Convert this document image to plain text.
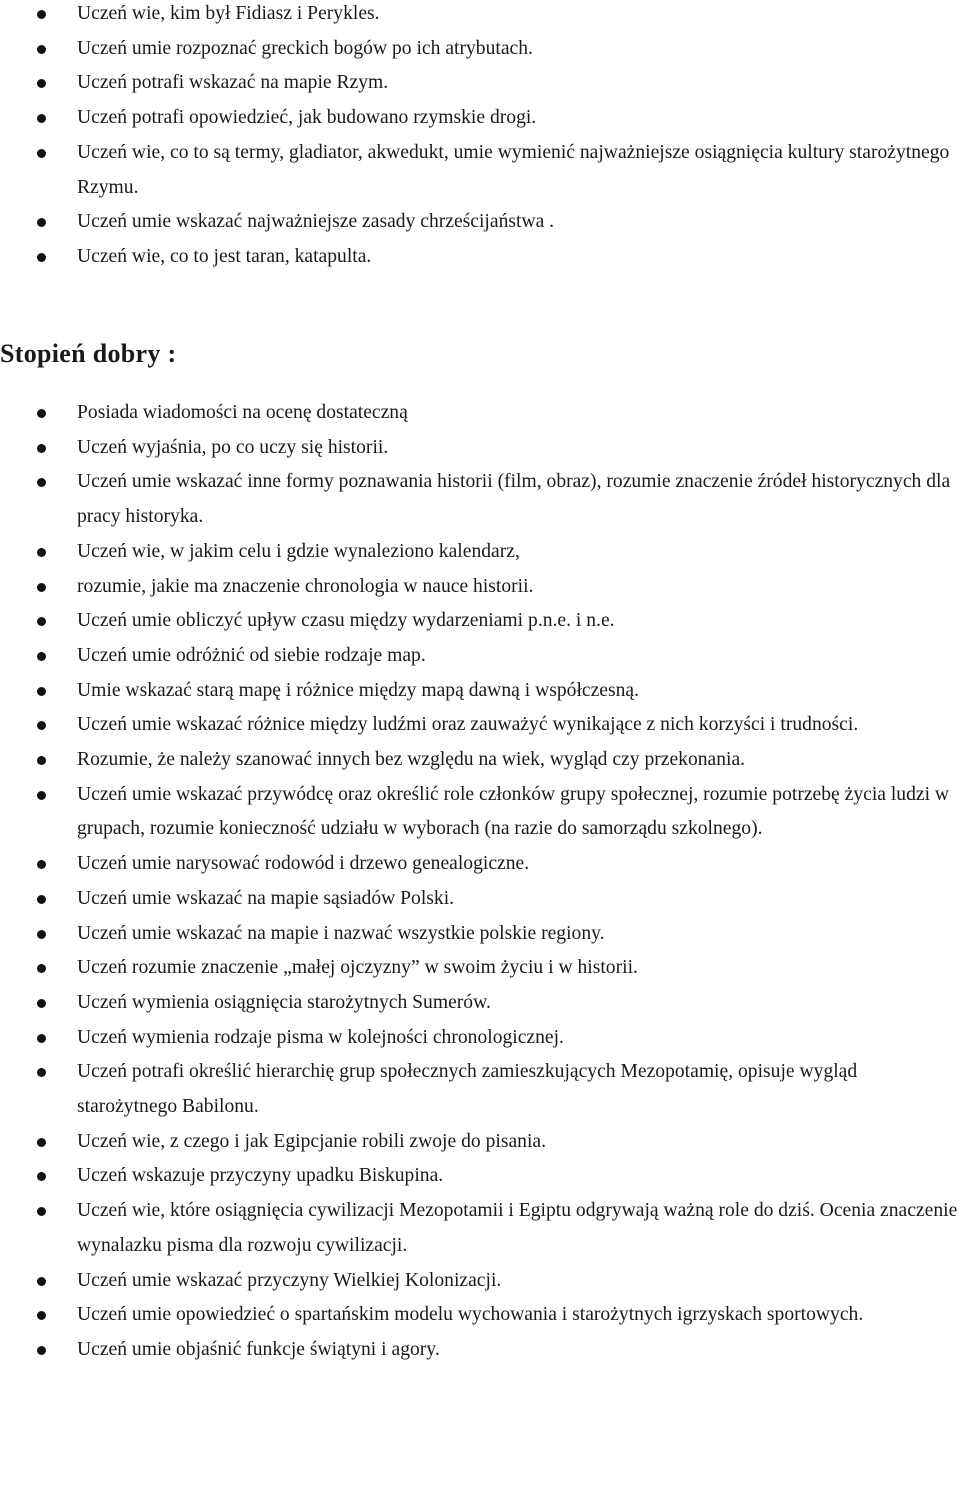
Uczeń wie, kim był Fidiasz i Perykles.
Uczeń umie rozpoznać greckich bogów po ich atrybutach.
Uczeń potrafi wskazać na mapie Rzym.
Uczeń potrafi opowiedzieć, jak budowano rzymskie drogi.
Uczeń wie, co to są termy, gladiator, akwedukt, umie wymienić najważniejsze osiągnięcia kultury starożytnego Rzymu.
Uczeń umie wskazać najważniejsze zasady chrześcijaństwa .
Uczeń wie, co to jest taran, katapulta.
Stopień dobry :
Posiada wiadomości na ocenę dostateczną
Uczeń wyjaśnia, po co uczy się historii.
Uczeń umie wskazać inne formy poznawania historii (film, obraz), rozumie znaczenie źródeł historycznych dla pracy historyka.
Uczeń wie, w jakim celu i gdzie wynaleziono kalendarz,
rozumie, jakie ma znaczenie chronologia w nauce historii.
Uczeń umie obliczyć upływ czasu między wydarzeniami p.n.e. i n.e.
Uczeń umie odróżnić od siebie rodzaje map.
Umie wskazać starą mapę i różnice między mapą dawną i współczesną.
Uczeń umie wskazać różnice między ludźmi oraz zauważyć wynikające z nich korzyści i trudności.
Rozumie, że należy szanować innych bez względu na wiek, wygląd czy przekonania.
Uczeń umie wskazać przywódcę oraz określić role członków grupy społecznej, rozumie potrzebę życia ludzi w grupach, rozumie konieczność udziału w wyborach (na razie do samorządu szkolnego).
Uczeń umie narysować rodowód i drzewo genealogiczne.
Uczeń umie wskazać na mapie sąsiadów Polski.
Uczeń umie wskazać na mapie i nazwać wszystkie polskie regiony.
Uczeń rozumie znaczenie „małej ojczyzny” w swoim życiu i w historii.
Uczeń wymienia osiągnięcia starożytnych Sumerów.
Uczeń wymienia rodzaje pisma w kolejności chronologicznej.
Uczeń potrafi określić hierarchię grup społecznych zamieszkujących Mezopotamię, opisuje wygląd starożytnego Babilonu.
Uczeń wie, z czego i jak Egipcjanie robili zwoje do pisania.
Uczeń wskazuje przyczyny upadku Biskupina.
Uczeń wie, które osiągnięcia cywilizacji Mezopotamii i Egiptu odgrywają ważną role do dziś. Ocenia znaczenie wynalazku pisma dla rozwoju cywilizacji.
Uczeń umie wskazać przyczyny Wielkiej Kolonizacji.
Uczeń umie opowiedzieć o spartańskim modelu wychowania i starożytnych igrzyskach sportowych.
Uczeń umie objaśnić funkcje świątyni i agory.
